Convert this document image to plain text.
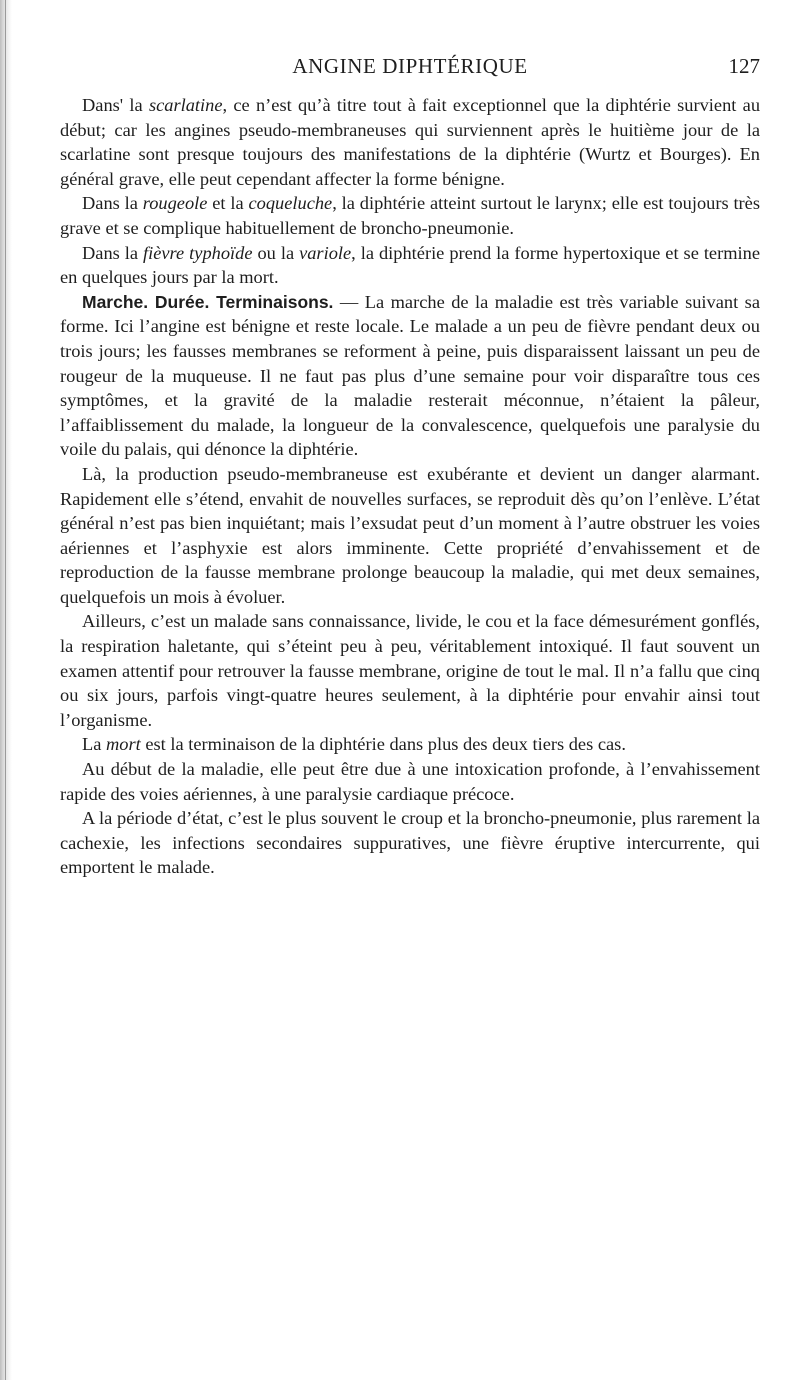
ANGINE DIPHTÉRIQUE	127

Dans' la scarlatine, ce n’est qu’à titre tout à fait exceptionnel que la diphtérie survient au début; car les angines pseudo-membraneuses qui surviennent après le huitième jour de la scarlatine sont presque toujours des manifestations de la diphtérie (Wurtz et Bourges). En général grave, elle peut cependant affecter la forme bénigne.

Dans la rougeole et la coqueluche, la diphtérie atteint surtout le larynx; elle est toujours très grave et se complique habituellement de broncho-pneumonie.

Dans la fièvre typhoïde ou la variole, la diphtérie prend la forme hypertoxique et se termine en quelques jours par la mort.

Marche. Durée. Terminaisons. — La marche de la maladie est très variable suivant sa forme. Ici l’angine est bénigne et reste locale. Le malade a un peu de fièvre pendant deux ou trois jours; les fausses membranes se reforment à peine, puis disparaissent laissant un peu de rougeur de la muqueuse. Il ne faut pas plus d’une semaine pour voir disparaître tous ces symptômes, et la gravité de la maladie resterait méconnue, n’étaient la pâleur, l’affaiblissement du malade, la longueur de la convalescence, quelquefois une paralysie du voile du palais, qui dénonce la diphtérie.

Là, la production pseudo-membraneuse est exubérante et devient un danger alarmant. Rapidement elle s’étend, envahit de nouvelles surfaces, se reproduit dès qu’on l’enlève. L’état général n’est pas bien inquiétant; mais l’exsudat peut d’un moment à l’autre obstruer les voies aériennes et l’asphyxie est alors imminente. Cette propriété d’envahissement et de reproduction de la fausse membrane prolonge beaucoup la maladie, qui met deux semaines, quelquefois un mois à évoluer.

Ailleurs, c’est un malade sans connaissance, livide, le cou et la face démesurément gonflés, la respiration haletante, qui s’éteint peu à peu, véritablement intoxiqué. Il faut souvent un examen attentif pour retrouver la fausse membrane, origine de tout le mal. Il n’a fallu que cinq ou six jours, parfois vingt-quatre heures seulement, à la diphtérie pour envahir ainsi tout l’organisme.

La mort est la terminaison de la diphtérie dans plus des deux tiers des cas.

Au début de la maladie, elle peut être due à une intoxication profonde, à l’envahissement rapide des voies aériennes, à une paralysie cardiaque précoce.

A la période d’état, c’est le plus souvent le croup et la broncho-pneumonie, plus rarement la cachexie, les infections secondaires suppuratives, une fièvre éruptive intercurrente, qui emportent le malade.
